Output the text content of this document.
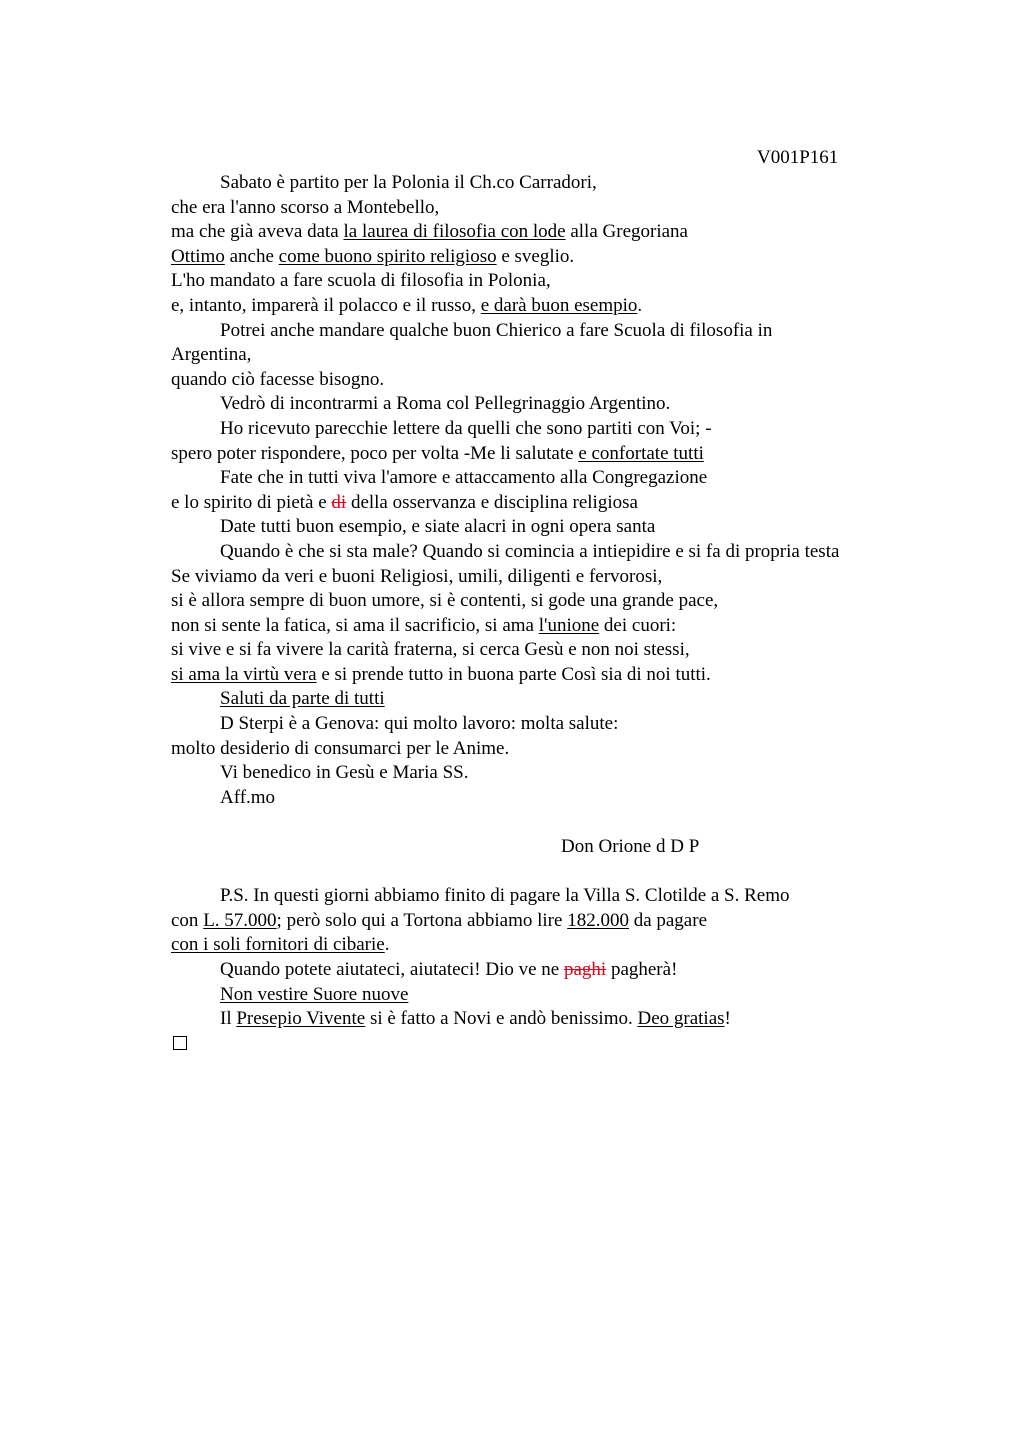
V001P161
Sabato è partito per la Polonia il Ch.co Carradori,
che era l'anno scorso a Montebello,
ma che già aveva data la laurea di filosofia con lode alla Gregoriana
Ottimo anche come buono spirito religioso e sveglio.
L'ho mandato a fare scuola di filosofia in Polonia,
e, intanto, imparerà il polacco e il russo, e darà buon esempio.
Potrei anche mandare qualche buon Chierico a fare Scuola di filosofia in
Argentina,
quando ciò facesse bisogno.
Vedrò di incontrarmi a Roma col Pellegrinaggio Argentino.
Ho ricevuto parecchie lettere da quelli che sono partiti con Voi; -
spero poter rispondere, poco per volta -Me li salutate e confortate tutti
Fate che in tutti viva l'amore e attaccamento alla Congregazione
e lo spirito di pietà e di della osservanza e disciplina religiosa
Date tutti buon esempio, e siate alacri in ogni opera santa
Quando è che si sta male? Quando si comincia a intiepidire e si fa di propria testa
Se viviamo da veri e buoni Religiosi, umili, diligenti e fervorosi,
si è allora sempre di buon umore, si è contenti, si gode una grande pace,
non si sente la fatica, si ama il sacrificio, si ama l'unione dei cuori:
si vive e si fa vivere la carità fraterna, si cerca Gesù e non noi stessi,
si ama la virtù vera e si prende tutto in buona parte Così sia di noi tutti.
Saluti da parte di tutti
D Sterpi è a Genova: qui molto lavoro: molta salute:
molto desiderio di consumarci per le Anime.
Vi benedico in Gesù e Maria SS.
Aff.mo
Don Orione d D P
P.S. In questi giorni abbiamo finito di pagare la Villa S. Clotilde a S. Remo
con L. 57.000; però solo qui a Tortona abbiamo lire 182.000 da pagare
con i soli fornitori di cibarie.
Quando potete aiutateci, aiutateci! Dio ve ne paghi pagherà!
Non vestire Suore nuove
Il Presepio Vivente si è fatto a Novi e andò benissimo. Deo gratias!
